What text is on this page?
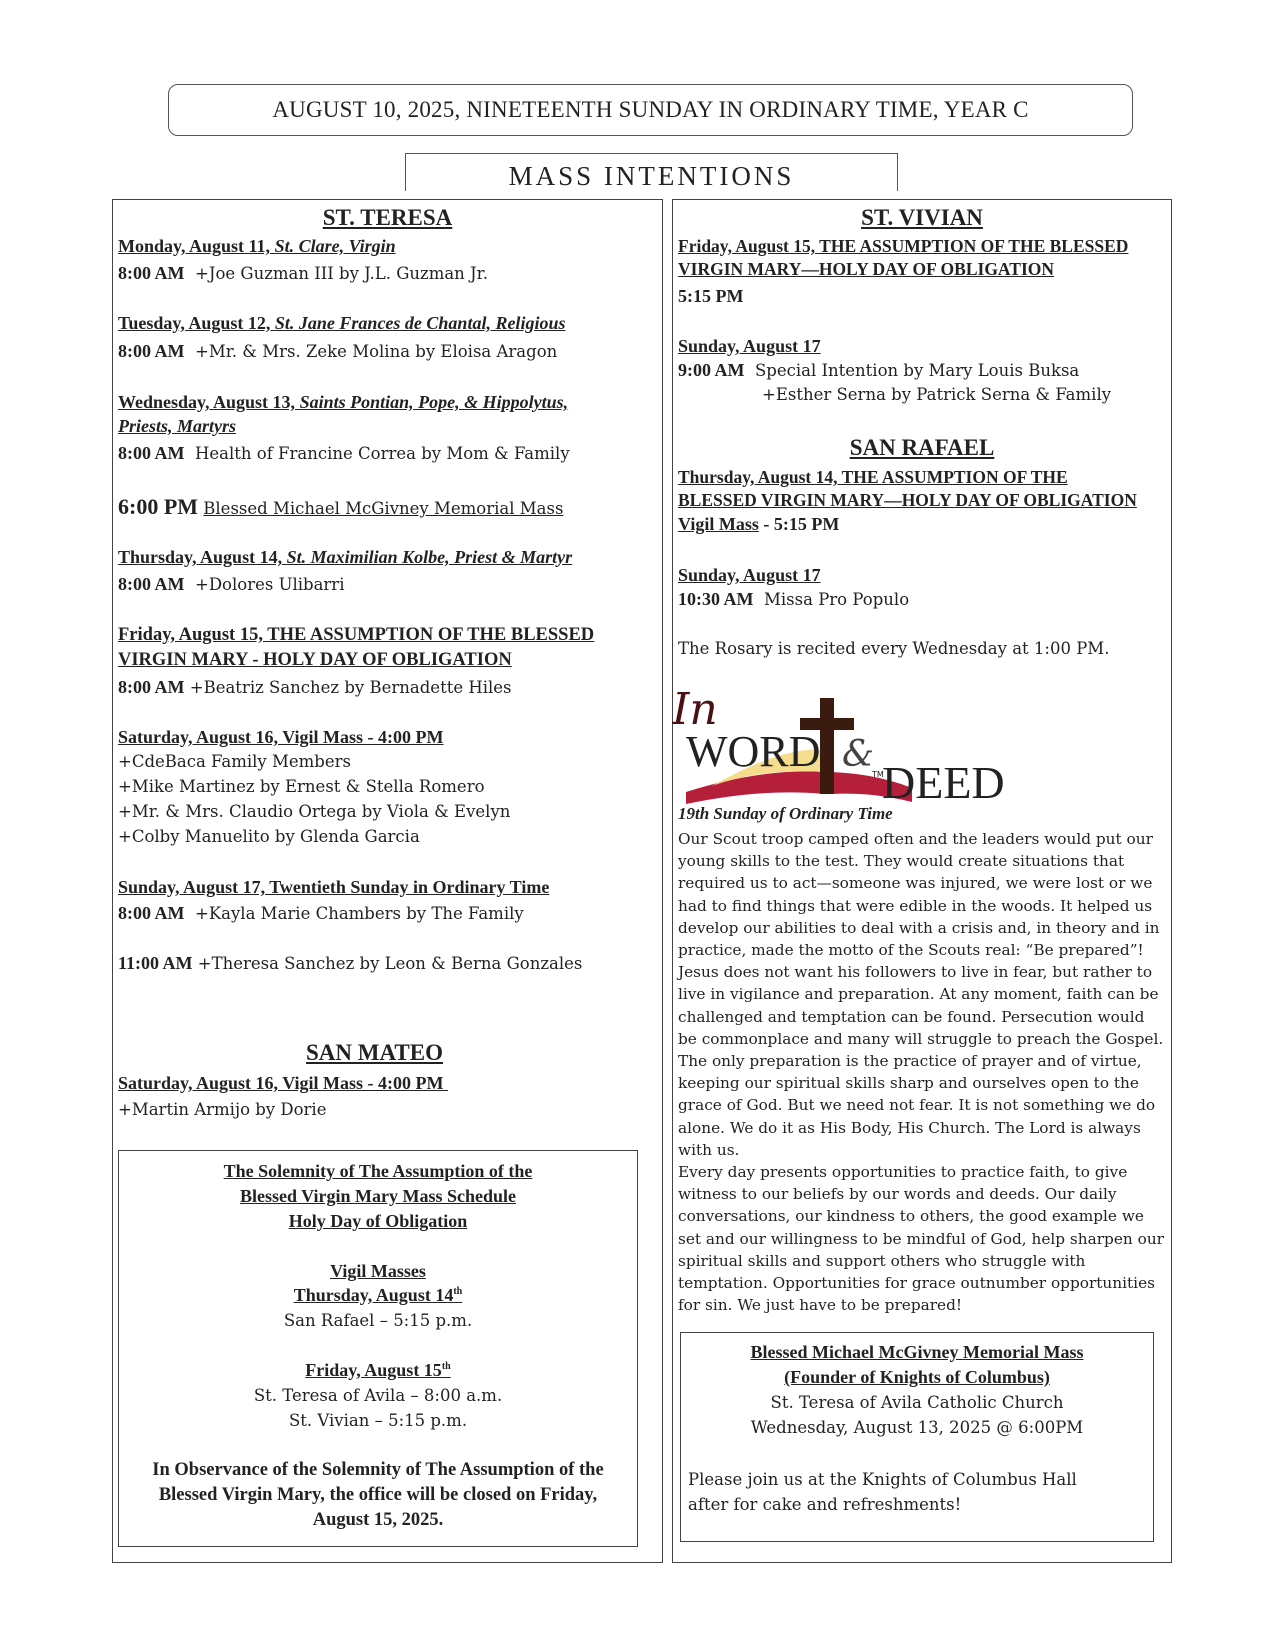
AUGUST 10, 2025, NINETEENTH SUNDAY IN ORDINARY TIME, YEAR C
MASS INTENTIONS
ST. TERESA
Monday, August 11, St. Clare, Virgin
8:00 AM +Joe Guzman III by J.L. Guzman Jr.
Tuesday, August 12, St. Jane Frances de Chantal, Religious
8:00 AM +Mr. & Mrs. Zeke Molina by Eloisa Aragon
Wednesday, August 13, Saints Pontian, Pope, & Hippolytus,
Priests, Martyrs
8:00 AM Health of Francine Correa by Mom & Family
6:00 PM Blessed Michael McGivney Memorial Mass
Thursday, August 14, St. Maximilian Kolbe, Priest & Martyr
8:00 AM +Dolores Ulibarri
Friday, August 15, THE ASSUMPTION OF THE BLESSED
VIRGIN MARY - HOLY DAY OF OBLIGATION
8:00 AM +Beatriz Sanchez by Bernadette Hiles
Saturday, August 16, Vigil Mass - 4:00 PM
+CdeBaca Family Members
+Mike Martinez by Ernest & Stella Romero
+Mr. & Mrs. Claudio Ortega by Viola & Evelyn
+Colby Manuelito by Glenda Garcia
Sunday, August 17, Twentieth Sunday in Ordinary Time
8:00 AM +Kayla Marie Chambers by The Family
11:00 AM +Theresa Sanchez by Leon & Berna Gonzales
SAN MATEO
Saturday, August 16, Vigil Mass - 4:00 PM
+Martin Armijo by Dorie
The Solemnity of The Assumption of the
Blessed Virgin Mary Mass Schedule
Holy Day of Obligation
Vigil Masses
Thursday, August 14th
San Rafael – 5:15 p.m.
Friday, August 15th
St. Teresa of Avila – 8:00 a.m.
St. Vivian – 5:15 p.m.
In Observance of the Solemnity of The Assumption of the
Blessed Virgin Mary, the office will be closed on Friday,
August 15, 2025.
ST. VIVIAN
Friday, August 15, THE ASSUMPTION OF THE BLESSED
VIRGIN MARY—HOLY DAY OF OBLIGATION
5:15 PM
Sunday, August 17
9:00 AM Special Intention by Mary Louis Buksa
+Esther Serna by Patrick Serna & Family
SAN RAFAEL
Thursday, August 14, THE ASSUMPTION OF THE
BLESSED VIRGIN MARY—HOLY DAY OF OBLIGATION
Vigil Mass - 5:15 PM
Sunday, August 17
10:30 AM Missa Pro Populo
The Rosary is recited every Wednesday at 1:00 PM.
In
WORD &
TM
DEED
19th Sunday of Ordinary Time

Our Scout troop camped often and the leaders would put our young skills to the test. They would create situations that required us to act—someone was injured, we were lost or we had to find things that were edible in the woods. It helped us develop our abilities to deal with a crisis and, in theory and in practice, made the motto of the Scouts real: “Be prepared”!

Jesus does not want his followers to live in fear, but rather to live in vigilance and preparation. At any moment, faith can be challenged and temptation can be found. Persecution would be commonplace and many will struggle to preach the Gospel. The only preparation is the practice of prayer and of virtue, keeping our spiritual skills sharp and ourselves open to the grace of God. But we need not fear. It is not something we do alone. We do it as His Body, His Church. The Lord is always with us.

Every day presents opportunities to practice faith, to give witness to our beliefs by our words and deeds. Our daily conversations, our kindness to others, the good example we set and our willingness to be mindful of God, help sharpen our spiritual skills and support others who struggle with temptation. Opportunities for grace outnumber opportunities for sin. We just have to be prepared!

Blessed Michael McGivney Memorial Mass
(Founder of Knights of Columbus)
St. Teresa of Avila Catholic Church
Wednesday, August 13, 2025 @ 6:00PM
Please join us at the Knights of Columbus Hall after for cake and refreshments!
